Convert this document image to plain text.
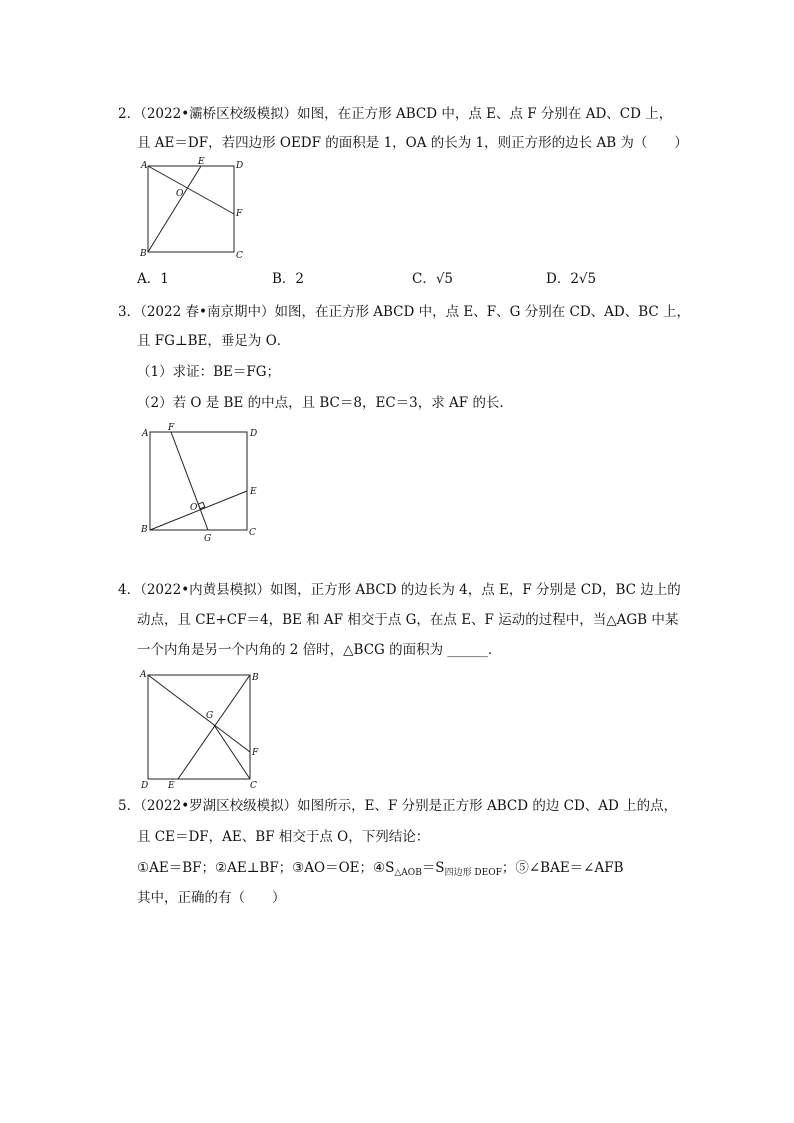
2．（2022•灞桥区校级模拟）如图，在正方形 ABCD 中，点 E、点 F 分别在 AD、CD 上，
且 AE＝DF，若四边形 OEDF 的面积是 1，OA 的长为 1，则正方形的边长 AB 为（　　）
A	E	D
O
F
B	C
A．1	B．2	C．√5	D．2√5
3．（2022 春•南京期中）如图，在正方形 ABCD 中，点 E、F、G 分别在 CD、AD、BC 上，
且 FG⊥BE，垂足为 O．
（1）求证：BE＝FG；
（2）若 O 是 BE 的中点，且 BC＝8，EC＝3，求 AF 的长．
A
F
D
E
O
B
G
C
4．（2022•内黄县模拟）如图，正方形 ABCD 的边长为 4，点 E，F 分别是 CD，BC 边上的
动点，且 CE+CF＝4，BE 和 AF 相交于点 G，在点 E、F 运动的过程中，当△AGB 中某
一个内角是另一个内角的 2 倍时，△BCG 的面积为 ______．
A	B
G
F
D E	C
5．（2022•罗湖区校级模拟）如图所示，E、F 分别是正方形 ABCD 的边 CD、AD 上的点，
且 CE＝DF，AE、BF 相交于点 O，下列结论：
①AE＝BF；②AE⊥BF；③AO＝OE；$④S_{\triangle AOB}=S_{四边形 DEOF}$；⑤∠BAE＝∠AFB
其中，正确的有（　　）
